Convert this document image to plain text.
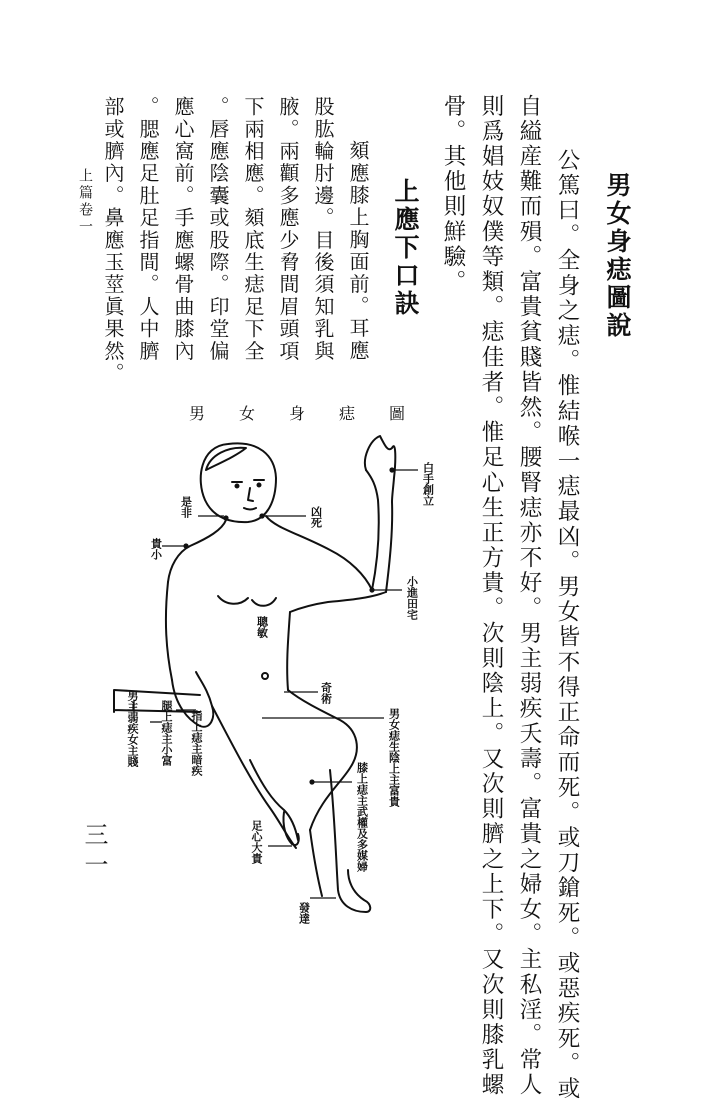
男女身痣圖說
公篤曰。全身之痣。惟結喉一痣最凶。男女皆不得正命而死。或刀鎗死。或惡疾死。或
自縊産難而殞。富貴貧賤皆然。腰腎痣亦不好。男主弱疾夭壽。富貴之婦女。主私淫。常人
則爲娼妓奴僕等類。痣佳者。惟足心生正方貴。次則陰上。又次則臍之上下。又次則膝乳螺
骨。其他則鮮驗。
上應下口訣
頦應膝上胸面前。耳應
股肱輪肘邊。目後須知乳與
腋。兩顴多應少脅間眉頭項
下兩相應。頦底生痣足下全
。唇應陰囊或股際。印堂偏
應心窩前。手應螺骨曲膝內
。腮應足肚足指間。人中臍
部或臍內。鼻應玉莖眞果然。
上篇卷一
三一
男女身痣圖
白手創立
凶死
是非
貴小
小進田宅
聰敏
奇術
男女痣生陰上主富貴
膝上痣主武權及多媒婦
男主弱疾女主賤	腿上痣主小富	指上痣主暗疾
足心大貴
發達
